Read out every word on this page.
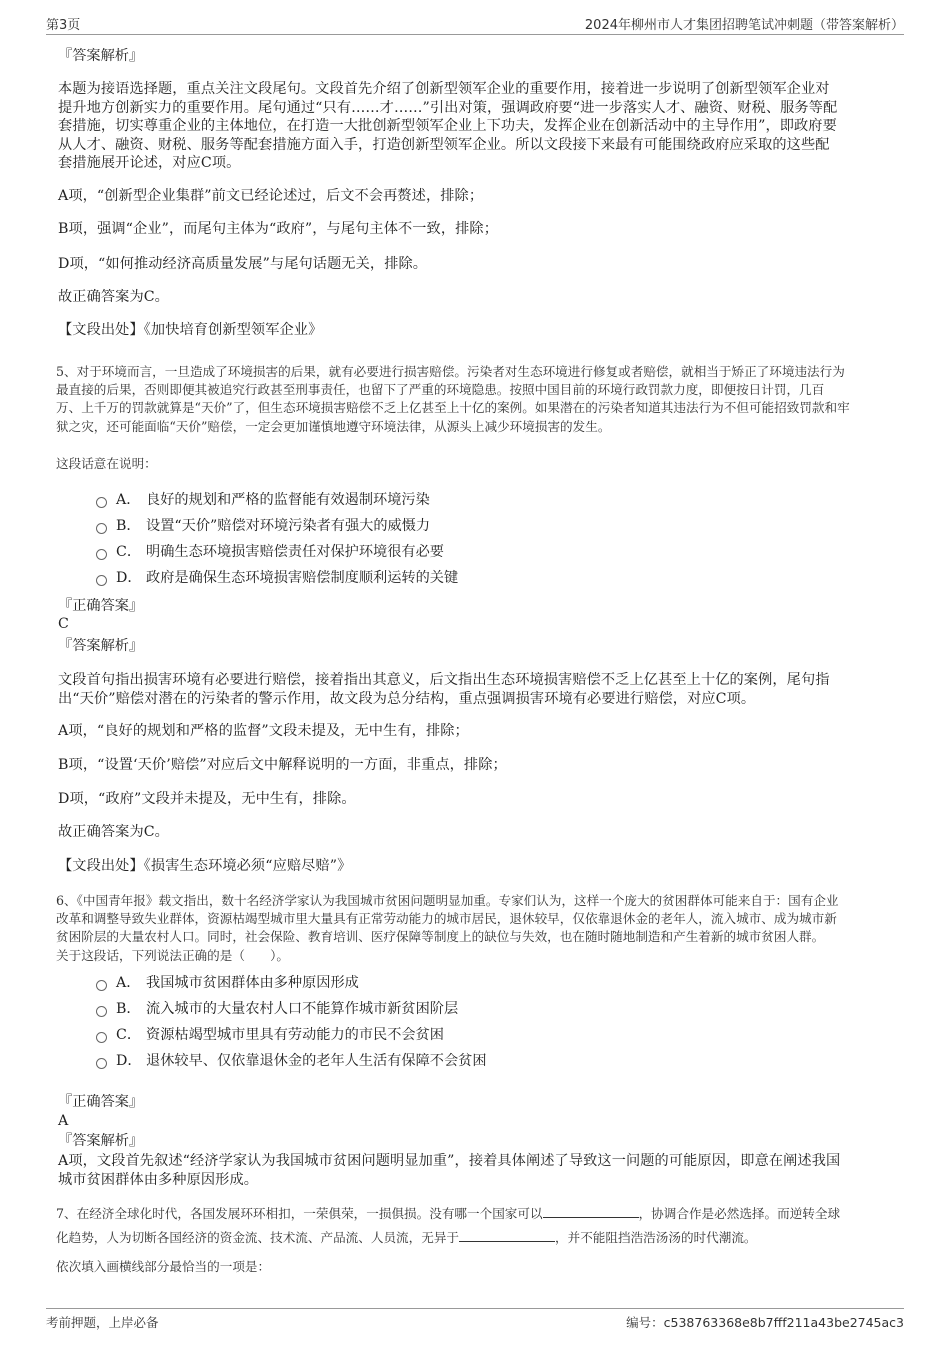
第3页	2024年柳州市人才集团招聘笔试冲刺题（带答案解析）
『答案解析』
本题为接语选择题，重点关注文段尾句。文段首先介绍了创新型领军企业的重要作用，接着进一步说明了创新型领军企业对
提升地方创新实力的重要作用。尾句通过“只有……才……”引出对策，强调政府要“进一步落实人才、融资、财税、服务等配
套措施，切实尊重企业的主体地位，在打造一大批创新型领军企业上下功夫，发挥企业在创新活动中的主导作用”，即政府要
从人才、融资、财税、服务等配套措施方面入手，打造创新型领军企业。所以文段接下来最有可能围绕政府应采取的这些配
套措施展开论述，对应C项。
A项，“创新型企业集群”前文已经论述过，后文不会再赘述，排除；
B项，强调“企业”，而尾句主体为“政府”，与尾句主体不一致，排除；
D项，“如何推动经济高质量发展”与尾句话题无关，排除。
故正确答案为C。
【文段出处】《加快培育创新型领军企业》
5、对于环境而言，一旦造成了环境损害的后果，就有必要进行损害赔偿。污染者对生态环境进行修复或者赔偿，就相当于矫正了环境违法行为
最直接的后果，否则即便其被追究行政甚至刑事责任，也留下了严重的环境隐患。按照中国目前的环境行政罚款力度，即便按日计罚，几百
万、上千万的罚款就算是“天价”了，但生态环境损害赔偿不乏上亿甚至上十亿的案例。如果潜在的污染者知道其违法行为不但可能招致罚款和牢
狱之灾，还可能面临“天价”赔偿，一定会更加谨慎地遵守环境法律，从源头上减少环境损害的发生。
这段话意在说明：
A． 良好的规划和严格的监督能有效遏制环境污染
B． 设置“天价”赔偿对环境污染者有强大的威慑力
C． 明确生态环境损害赔偿责任对保护环境很有必要
D． 政府是确保生态环境损害赔偿制度顺利运转的关键
『正确答案』
C
『答案解析』
文段首句指出损害环境有必要进行赔偿，接着指出其意义，后文指出生态环境损害赔偿不乏上亿甚至上十亿的案例，尾句指
出“天价”赔偿对潜在的污染者的警示作用，故文段为总分结构，重点强调损害环境有必要进行赔偿，对应C项。
A项，“良好的规划和严格的监督”文段未提及，无中生有，排除；
B项，“设置‘天价’赔偿”对应后文中解释说明的一方面，非重点，排除；
D项，“政府”文段并未提及，无中生有，排除。
故正确答案为C。
【文段出处】《损害生态环境必须“应赔尽赔”》
6、《中国青年报》载文指出，数十名经济学家认为我国城市贫困问题明显加重。专家们认为，这样一个庞大的贫困群体可能来自于：国有企业
改革和调整导致失业群体，资源枯竭型城市里大量具有正常劳动能力的城市居民，退休较早，仅依靠退休金的老年人，流入城市、成为城市新
贫困阶层的大量农村人口。同时，社会保险、教育培训、医疗保障等制度上的缺位与失效，也在随时随地制造和产生着新的城市贫困人群。
关于这段话，下列说法正确的是（　　）。
A． 我国城市贫困群体由多种原因形成
B． 流入城市的大量农村人口不能算作城市新贫困阶层
C． 资源枯竭型城市里具有劳动能力的市民不会贫困
D． 退休较早、仅依靠退休金的老年人生活有保障不会贫困
『正确答案』
A
『答案解析』
A项，文段首先叙述“经济学家认为我国城市贫困问题明显加重”，接着具体阐述了导致这一问题的可能原因，即意在阐述我国
城市贫困群体由多种原因形成。
7、在经济全球化时代，各国发展环环相扣，一荣俱荣，一损俱损。没有哪一个国家可以	，协调合作是必然选择。而逆转全球
化趋势，人为切断各国经济的资金流、技术流、产品流、人员流，无异于	，并不能阻挡浩浩汤汤的时代潮流。
依次填入画横线部分最恰当的一项是：
考前押题，上岸必备	编号：c538763368e8b7fff211a43be2745ac3
